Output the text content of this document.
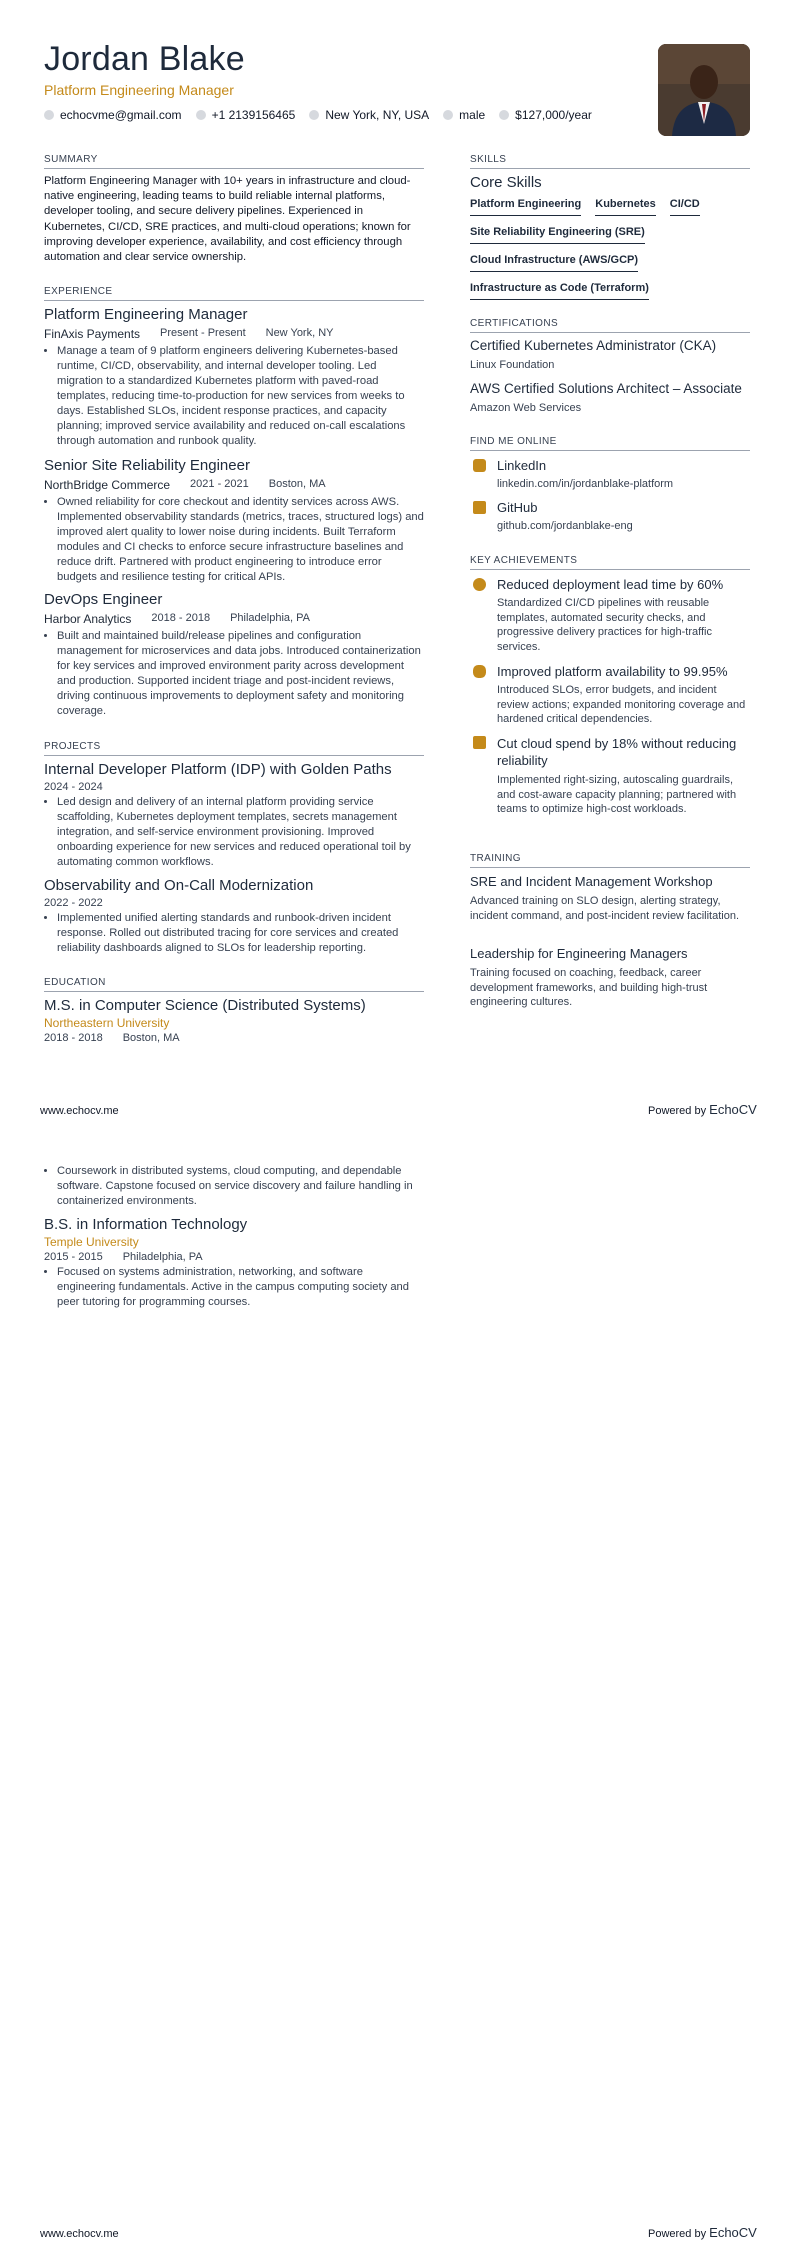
Jordan Blake
Platform Engineering Manager
echocvme@gmail.com	+1 2139156465	New York, NY, USA	male	$127,000/year
SUMMARY
Platform Engineering Manager with 10+ years in infrastructure and cloud-native engineering, leading teams to build reliable internal platforms, developer tooling, and secure delivery pipelines. Experienced in Kubernetes, CI/CD, SRE practices, and multi-cloud operations; known for improving developer experience, availability, and cost efficiency through automation and clear service ownership.
EXPERIENCE
Platform Engineering Manager
FinAxis Payments Present - Present New York, NY
• Manage a team of 9 platform engineers delivering Kubernetes-based runtime, CI/CD, observability, and internal developer tooling. Led migration to a standardized Kubernetes platform with paved-road templates, reducing time-to-production for new services from weeks to days. Established SLOs, incident response practices, and capacity planning; improved service availability and reduced on-call escalations through automation and runbook quality.
Senior Site Reliability Engineer
NorthBridge Commerce 2021 - 2021 Boston, MA
• Owned reliability for core checkout and identity services across AWS. Implemented observability standards (metrics, traces, structured logs) and improved alert quality to lower noise during incidents. Built Terraform modules and CI checks to enforce secure infrastructure baselines and reduce drift. Partnered with product engineering to introduce error budgets and resilience testing for critical APIs.
DevOps Engineer
Harbor Analytics 2018 - 2018 Philadelphia, PA
• Built and maintained build/release pipelines and configuration management for microservices and data jobs. Introduced containerization for key services and improved environment parity across development and production. Supported incident triage and post-incident reviews, driving continuous improvements to deployment safety and monitoring coverage.
PROJECTS
Internal Developer Platform (IDP) with Golden Paths
2024 - 2024
• Led design and delivery of an internal platform providing service scaffolding, Kubernetes deployment templates, secrets management integration, and self-service environment provisioning. Improved onboarding experience for new services and reduced operational toil by automating common workflows.
Observability and On-Call Modernization
2022 - 2022
• Implemented unified alerting standards and runbook-driven incident response. Rolled out distributed tracing for core services and created reliability dashboards aligned to SLOs for leadership reporting.
EDUCATION
M.S. in Computer Science (Distributed Systems)
Northeastern University
2018 - 2018 Boston, MA
www.echocv.me	Powered by EchoCV
• Coursework in distributed systems, cloud computing, and dependable software. Capstone focused on service discovery and failure handling in containerized environments.
B.S. in Information Technology
Temple University
2015 - 2015 Philadelphia, PA
• Focused on systems administration, networking, and software engineering fundamentals. Active in the campus computing society and peer tutoring for programming courses.
SKILLS
Core Skills
Platform Engineering Kubernetes CI/CD
Site Reliability Engineering (SRE)
Cloud Infrastructure (AWS/GCP)
Infrastructure as Code (Terraform)
CERTIFICATIONS
Certified Kubernetes Administrator (CKA)
Linux Foundation
AWS Certified Solutions Architect – Associate
Amazon Web Services
FIND ME ONLINE
LinkedIn
linkedin.com/in/jordanblake-platform
GitHub
github.com/jordanblake-eng
KEY ACHIEVEMENTS
Reduced deployment lead time by 60%
Standardized CI/CD pipelines with reusable templates, automated security checks, and progressive delivery practices for high-traffic services.
Improved platform availability to 99.95%
Introduced SLOs, error budgets, and incident review actions; expanded monitoring coverage and hardened critical dependencies.
Cut cloud spend by 18% without reducing reliability
Implemented right-sizing, autoscaling guardrails, and cost-aware capacity planning; partnered with teams to optimize high-cost workloads.
TRAINING
SRE and Incident Management Workshop
Advanced training on SLO design, alerting strategy, incident command, and post-incident review facilitation.
Leadership for Engineering Managers
Training focused on coaching, feedback, career development frameworks, and building high-trust engineering cultures.
www.echocv.me	Powered by EchoCV
